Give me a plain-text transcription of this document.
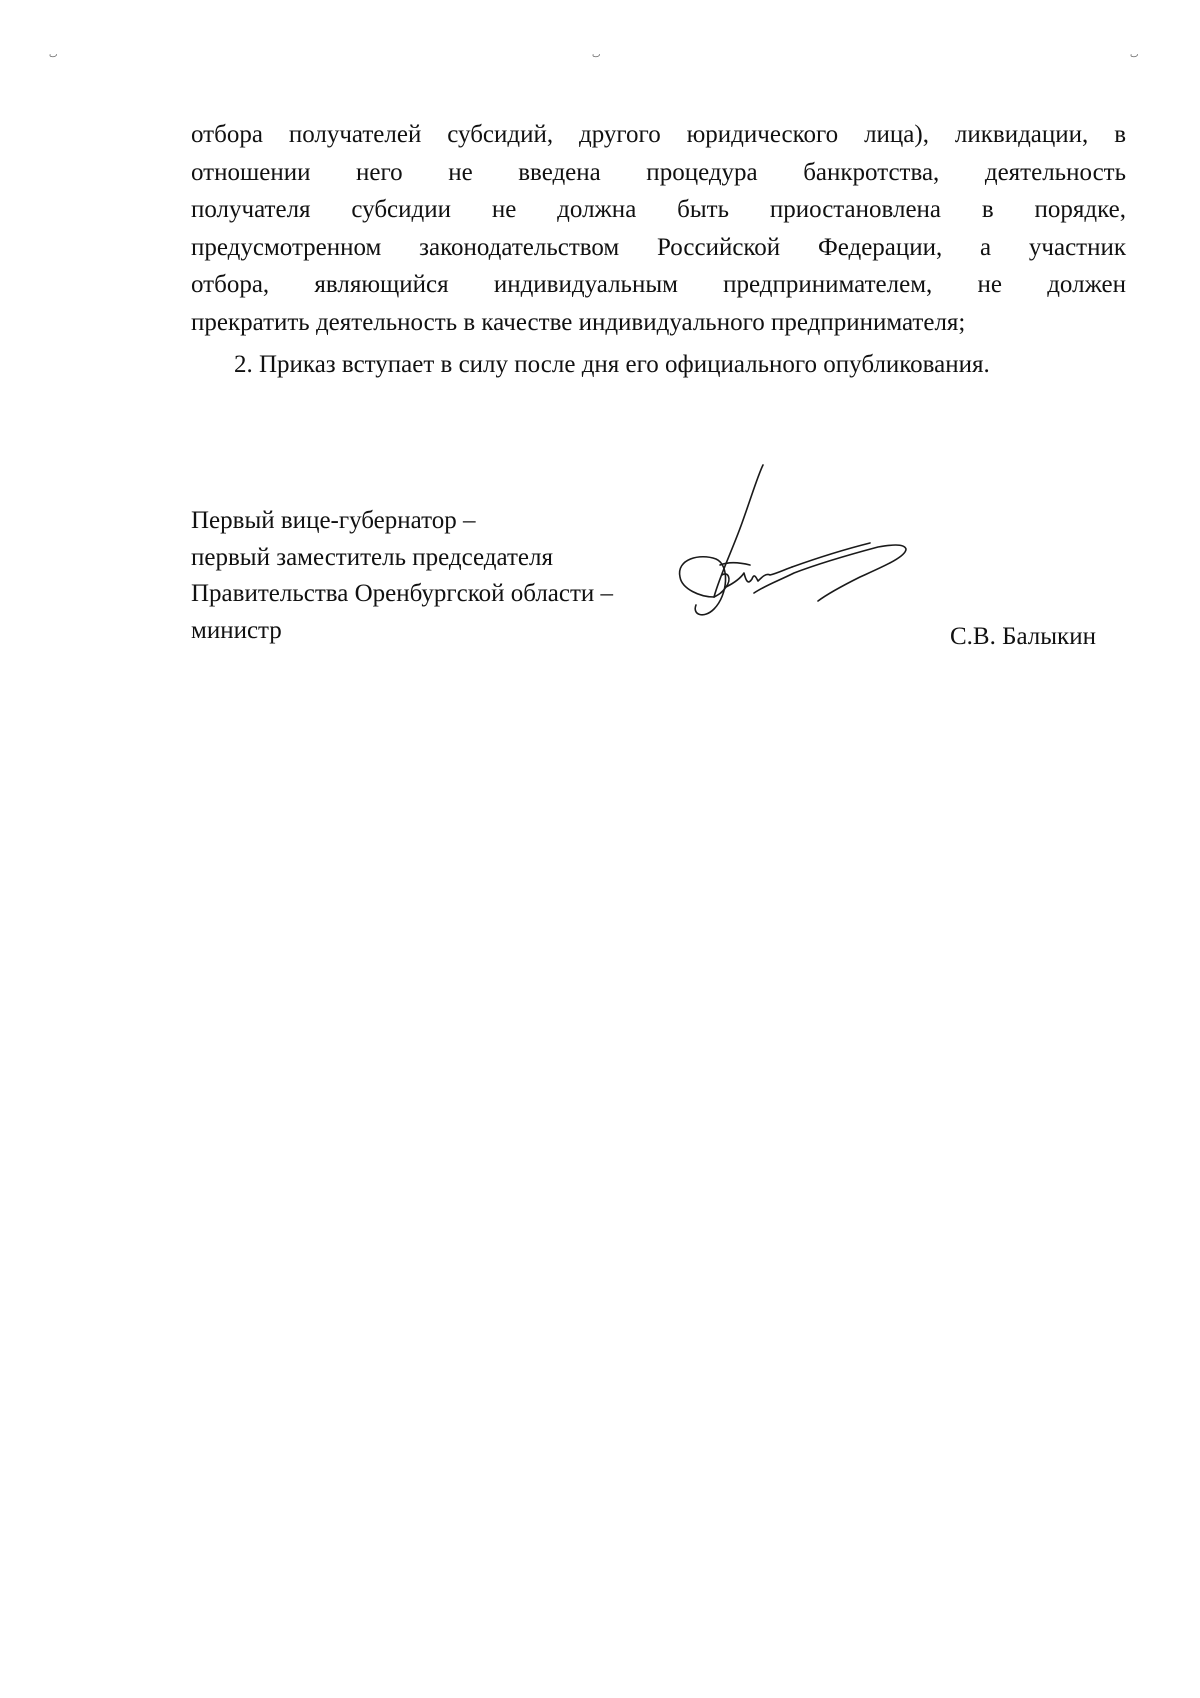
ٮ	ٮ	ٮ
отбора получателей субсидий, другого юридического лица), ликвидации, в
отношении него не введена процедура банкротства, деятельность
получателя субсидии не должна быть приостановлена в порядке,
предусмотренном законодательством Российской Федерации, а участник
отбора, являющийся индивидуальным предпринимателем, не должен
прекратить деятельность в качестве индивидуального предпринимателя;

2. Приказ вступает в силу после дня его официального опубликования.

Первый вице-губернатор –
первый заместитель председателя
Правительства Оренбургской области –
министр	С.В. Балыкин
